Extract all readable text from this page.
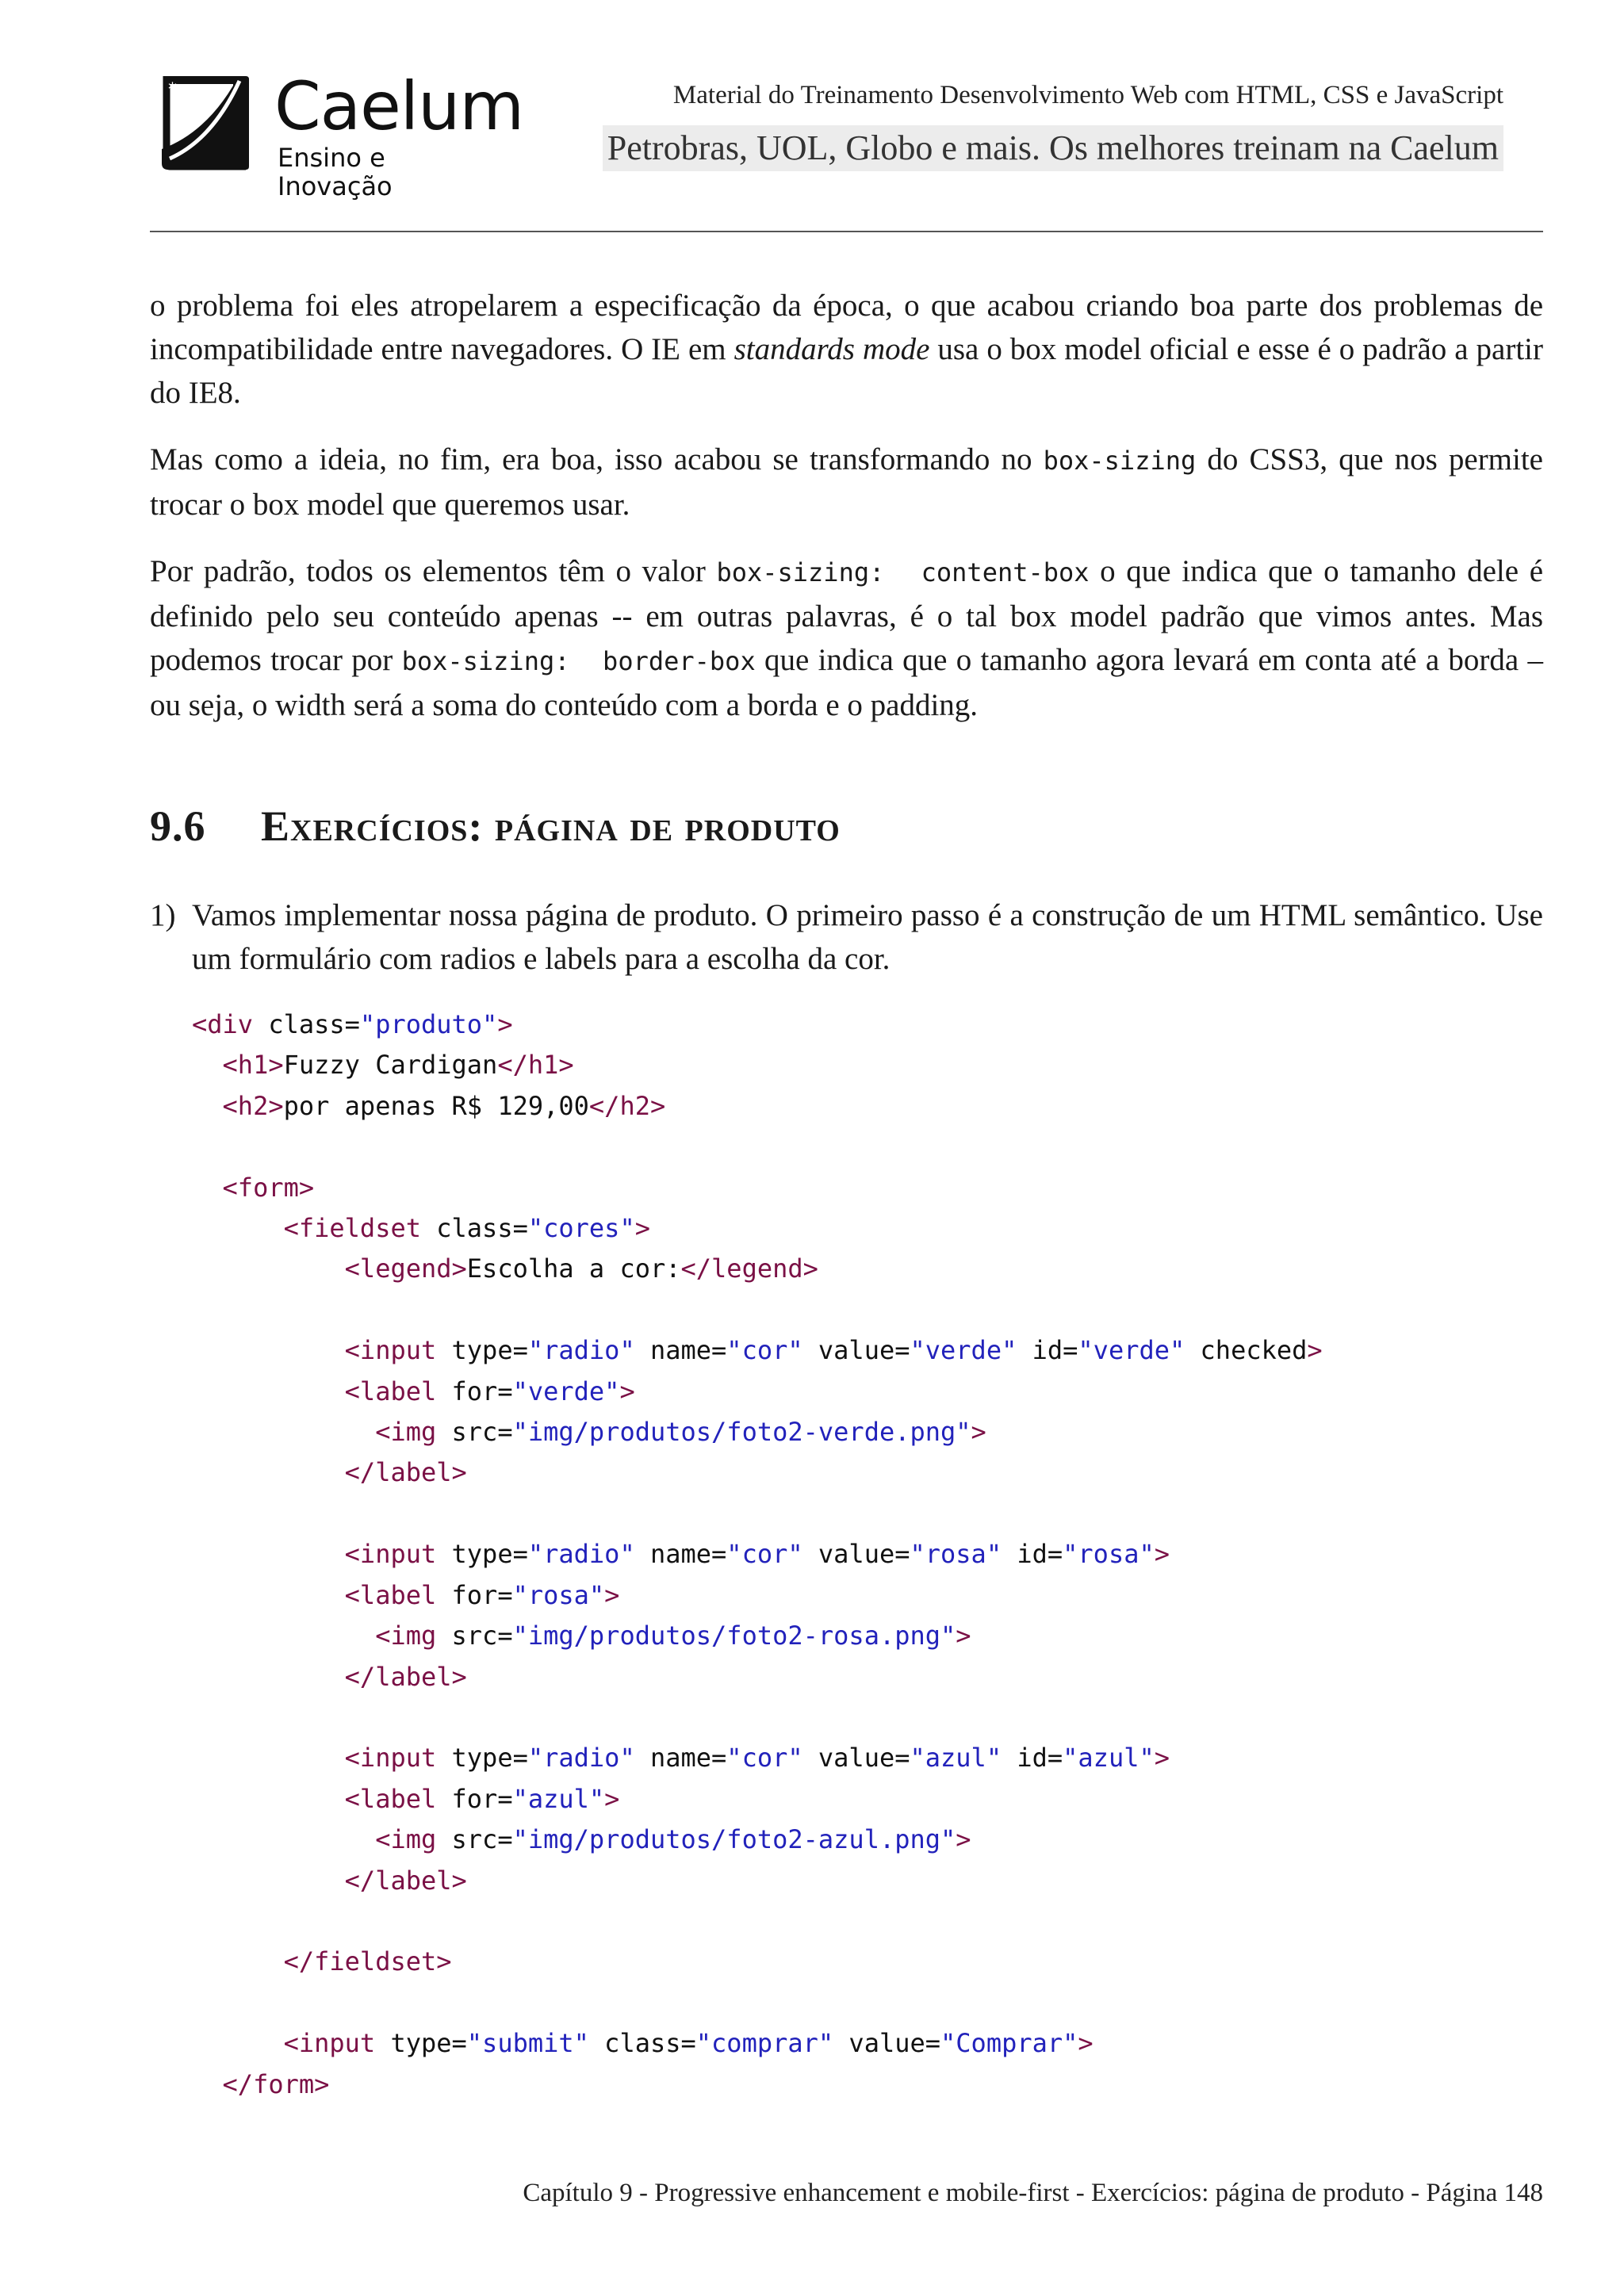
* Caelum
Ensino e Inovação
Material do Treinamento Desenvolvimento Web com HTML, CSS e JavaScript
Petrobras, UOL, Globo e mais. Os melhores treinam na Caelum

o problema foi eles atropelarem a especificação da época, o que acabou criando boa parte dos problemas de incompatibilidade entre navegadores. O IE em standards mode usa o box model oficial e esse é o padrão a partir do IE8.

Mas como a ideia, no fim, era boa, isso acabou se transformando no box-sizing do CSS3, que nos permite trocar o box model que queremos usar.

Por padrão, todos os elementos têm o valor box-sizing:  content-box o que indica que o tamanho dele é definido pelo seu conteúdo apenas -- em outras palavras, é o tal box model padrão que vimos antes. Mas podemos trocar por box-sizing:  border-box que indica que o tamanho agora levará em conta até a borda – ou seja, o width será a soma do conteúdo com a borda e o padding.

9.6 Exercícios: página de produto
1) Vamos implementar nossa página de produto. O primeiro passo é a construção de um HTML semântico. Use um formulário com radios e labels para a escolha da cor.
<div class="produto">
<h1>Fuzzy Cardigan</h1>
<h2>por apenas R$ 129,00</h2>

<form>
<fieldset class="cores">
<legend>Escolha a cor:</legend>

<input type="radio" name="cor" value="verde" id="verde" checked>
<label for="verde">
<img src="img/produtos/foto2-verde.png">
</label>

<input type="radio" name="cor" value="rosa" id="rosa">
<label for="rosa">
<img src="img/produtos/foto2-rosa.png">
</label>

<input type="radio" name="cor" value="azul" id="azul">
<label for="azul">
<img src="img/produtos/foto2-azul.png">
</label>

</fieldset>

<input type="submit" class="comprar" value="Comprar">
</form>
Capítulo 9 - Progressive enhancement e mobile-first - Exercícios: página de produto - Página 148
